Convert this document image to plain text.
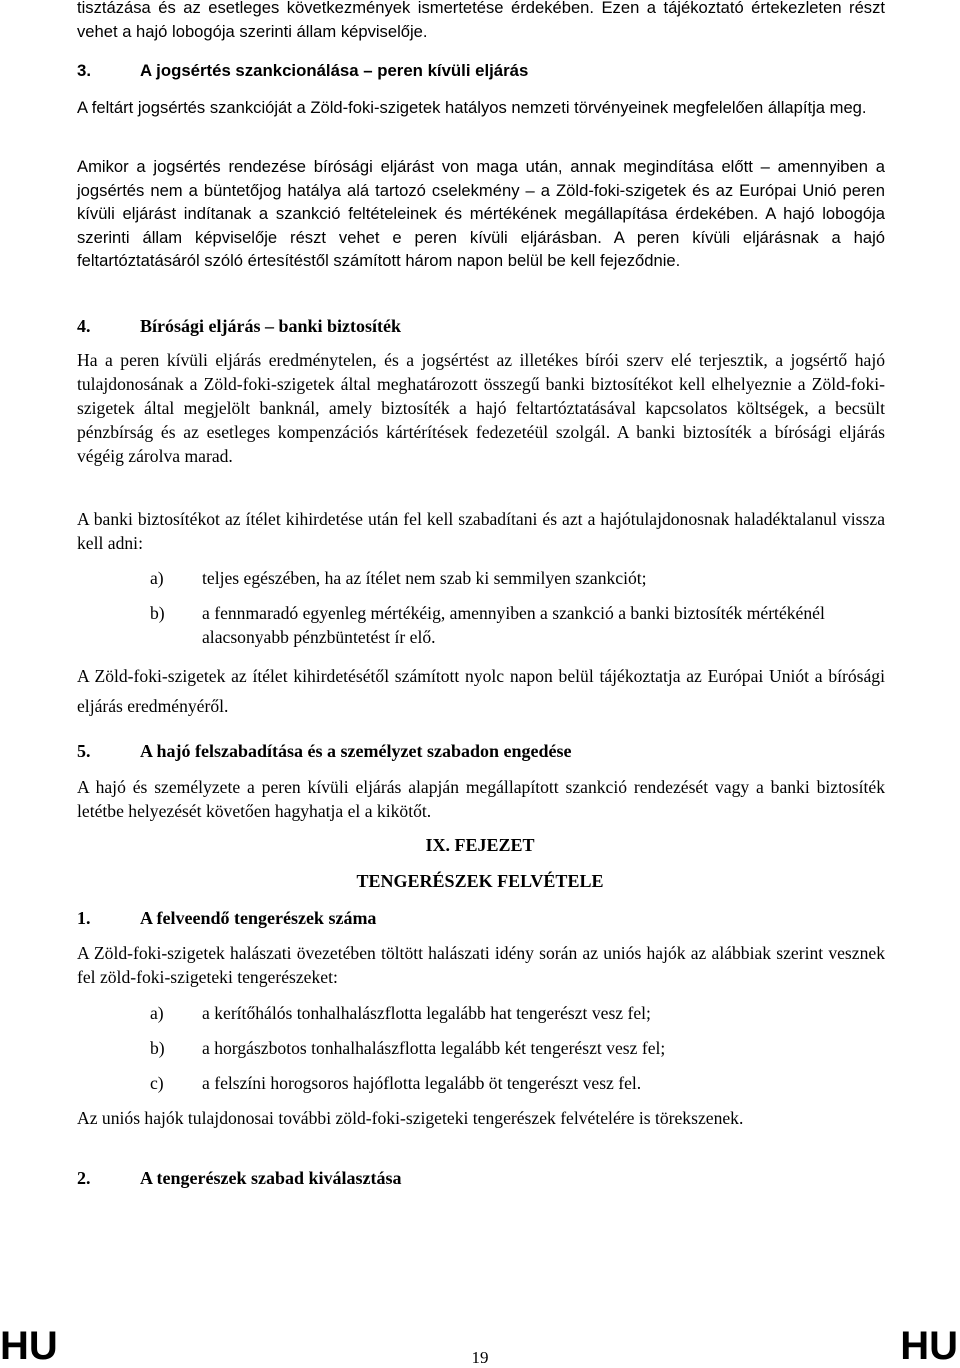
tisztázása és az esetleges következmények ismertetése érdekében. Ezen a tájékoztató értekezleten részt vehet a hajó lobogója szerinti állam képviselője.

3.	A jogsértés szankcionálása – peren kívüli eljárás

A feltárt jogsértés szankcióját a Zöld-foki-szigetek hatályos nemzeti törvényeinek megfelelően állapítja meg.

Amikor a jogsértés rendezése bírósági eljárást von maga után, annak megindítása előtt – amennyiben a jogsértés nem a büntetőjog hatálya alá tartozó cselekmény – a Zöld-foki-szigetek és az Európai Unió peren kívüli eljárást indítanak a szankció feltételeinek és mértékének megállapítása érdekében. A hajó lobogója szerinti állam képviselője részt vehet e peren kívüli eljárásban. A peren kívüli eljárásnak a hajó feltartóztatásáról szóló értesítéstől számított három napon belül be kell fejeződnie.

4.	Bírósági eljárás – banki biztosíték

Ha a peren kívüli eljárás eredménytelen, és a jogsértést az illetékes bírói szerv elé terjesztik, a jogsértő hajó tulajdonosának a Zöld-foki-szigetek által meghatározott összegű banki biztosítékot kell elhelyeznie a Zöld-foki-szigetek által megjelölt banknál, amely biztosíték a hajó feltartóztatásával kapcsolatos költségek, a becsült pénzbírság és az esetleges kompenzációs kártérítések fedezetéül szolgál. A banki biztosíték a bírósági eljárás végéig zárolva marad.

A banki biztosítékot az ítélet kihirdetése után fel kell szabadítani és azt a hajótulajdonosnak haladéktalanul vissza kell adni:

a) teljes egészében, ha az ítélet nem szab ki semmilyen szankciót;
b) a fennmaradó egyenleg mértékéig, amennyiben a szankció a banki biztosíték mértékénél alacsonyabb pénzbüntetést ír elő.

A Zöld-foki-szigetek az ítélet kihirdetésétől számított nyolc napon belül tájékoztatja az Európai Uniót a bírósági eljárás eredményéről.

5.	A hajó felszabadítása és a személyzet szabadon engedése

A hajó és személyzete a peren kívüli eljárás alapján megállapított szankció rendezését vagy a banki biztosíték letétbe helyezését követően hagyhatja el a kikötőt.

IX. FEJEZET

TENGERÉSZEK FELVÉTELE

1.	A felveendő tengerészek száma

A Zöld-foki-szigetek halászati övezetében töltött halászati idény során az uniós hajók az alábbiak szerint vesznek fel zöld-foki-szigeteki tengerészeket:

a) a kerítőhálós tonhalhalászflotta legalább hat tengerészt vesz fel;
b) a horgászbotos tonhalhalászflotta legalább két tengerészt vesz fel;
c) a felszíni horogsoros hajóflotta legalább öt tengerészt vesz fel.

Az uniós hajók tulajdonosai további zöld-foki-szigeteki tengerészek felvételére is törekszenek.

2.	A tengerészek szabad kiválasztása
HU	19	HU
